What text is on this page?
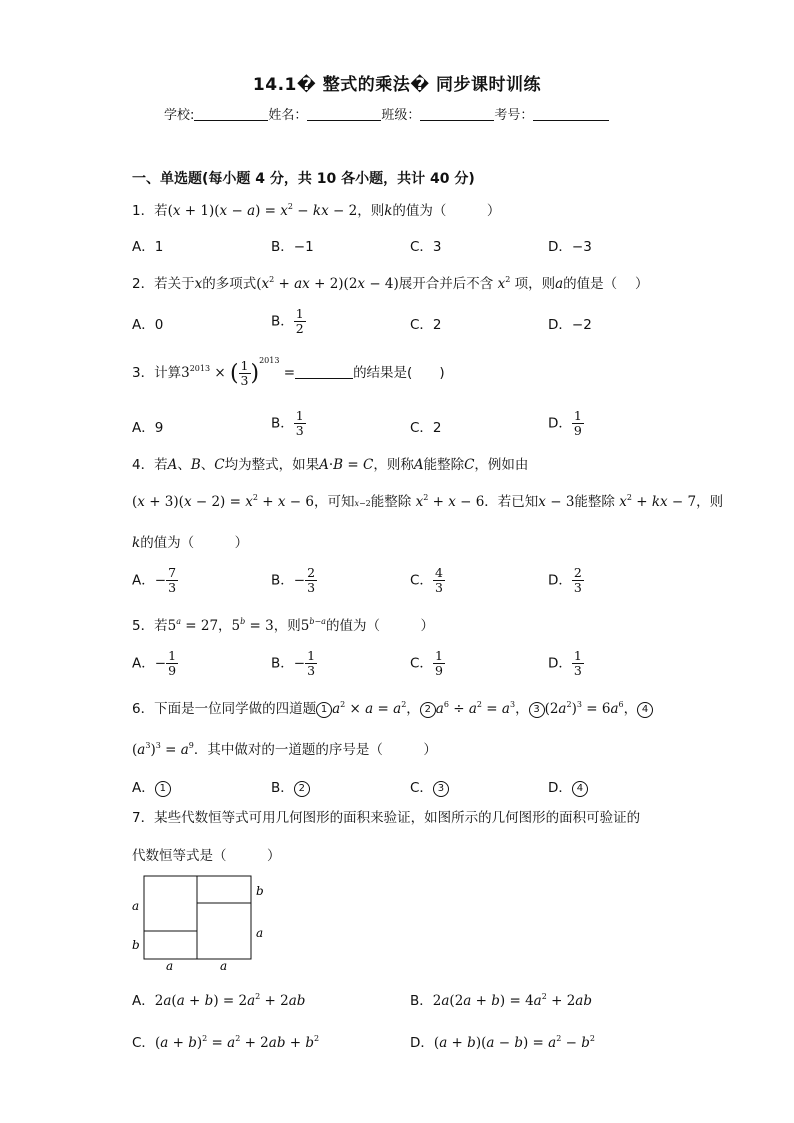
14.1� 整式的乘法� 同步课时训练
学校:	姓名：	班级：	考号：
一、单选题(每小题 4 分，共 10 各小题，共计 40 分)
1．若$(x + 1)(x - a) = x^2$ − kx − 2，则k的值为（　　　）
A．1	B．−1	C．3	D．−3
2．若关于x的多项式($x^2$ + ax + 2)(2x − 4)展开合并后不含 $x^2$ 项，则a的值是（　 ）
A．0	B． $\frac{1}{2}$	C．2	D．−2
3．计算$3^{2013}$ × ( $\frac{1}{3} )^{2013}$ =	的结果是(　　)
A．9	B． $\frac{1}{3}$	C．2	D． $\frac{1}{9}$
4．若A、B、C均为整式，如果A·B = C，则称A能整除C，例如由
$(x + 3)(x - 2) = x^2 + x - 6$，可知x−2能整除 $x^2 + x - 6$．若已知x − 3能整除 $x^2$ + kx − 7，则
k的值为（　　　）
A．− $\frac{7}{3}$	B．− $\frac{2}{3}$	C． $\frac{4}{3}$	D． $\frac{2}{3}$
5．若$5^a = 27$，$5^b = 3$，则$5^{b-a}$的值为（　　　）
A．− $\frac{1}{9}$	B．− $\frac{1}{3}$	C． $\frac{1}{9}$	D． $\frac{1}{3}$
6．下面是一位同学做的四道题 1 $a^2 \times a = a^2$， 2 $a^6 \div a^2 = a^3$， 3 $(2a^2)^3 = 6a^6$， 4
$(a^3)^3 = a^9$．其中做对的一道题的序号是（　　　）
A． 1	B． 2	C． 3	D． 4
7．某些代数恒等式可用几何图形的面积来验证，如图所示的几何图形的面积可验证的
代数恒等式是（　　　）
a
b
b
a
a	a
A．$2a(a + b) = 2a^2 + 2ab$	B．$2a(2a + b) = 4a^2 + 2ab$
C．$(a + b)^2 = a^2 + 2ab + b^2$	D．$(a + b)(a - b) = a^2 - b^2$
